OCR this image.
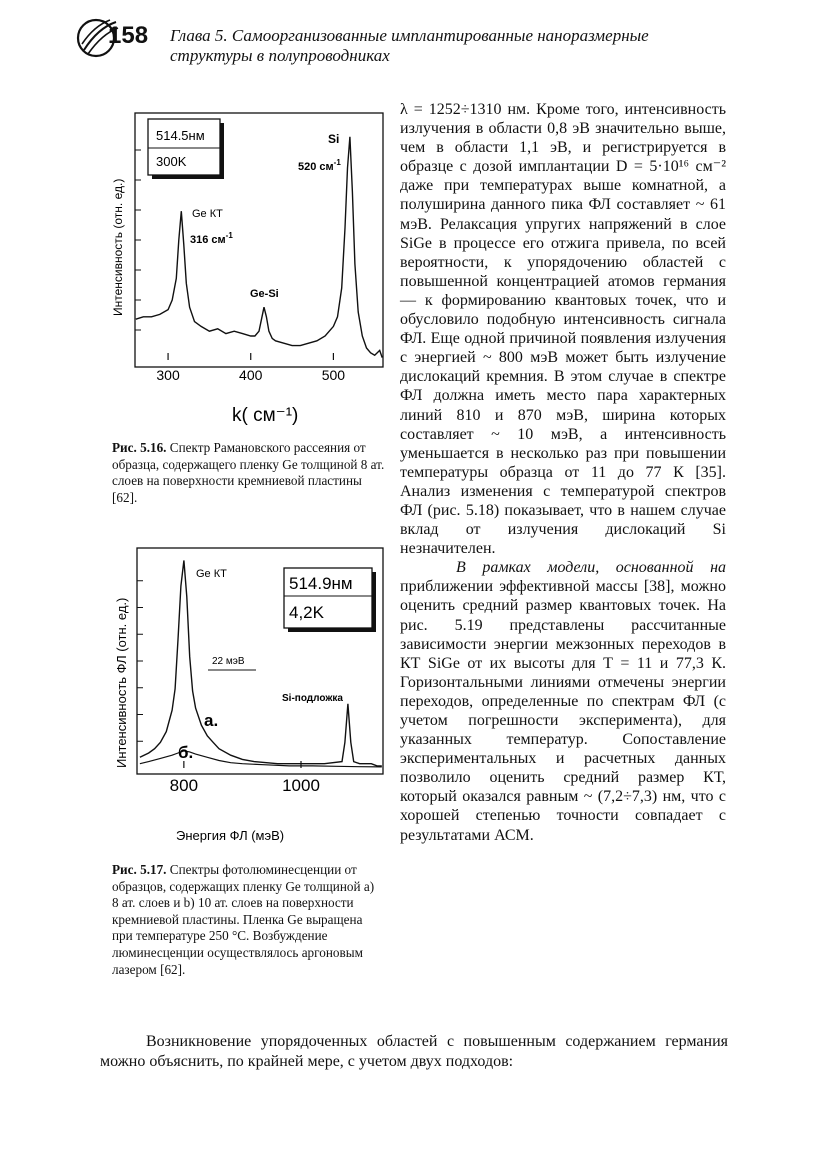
158 Глава 5. Самоорганизованные имплантированные наноразмерные структуры в полупроводниках
300	400	500
Интенсивность (отн. ед.)
k( см⁻¹)
514.5нм
300K
Si
520 $см^{-1}$
Ge КТ
316 $см^{-1}$
Ge-Si
Рис. 5.16. Спектр Рамановского рассеяния от образца, содержащего пленку Ge толщиной 8 ат. слоев на поверхности кремниевой пластины [62].
800	1000
Интенсивность ФЛ (отн. ед.)
Энергия ФЛ (мэВ)
514.9нм
4,2K
Ge КТ
22 мэВ
Si-подложка
a.
б.
Рис. 5.17. Спектры фотолюминесценции от образцов, содержащих пленку Ge толщиной a) 8 ат. слоев и b) 10 ат. слоев на поверхности кремниевой пластины. Пленка Ge выращена при температуре 250 °С. Возбуждение люминесценции осуществлялось аргоновым лазером [62].

λ = 1252÷1310 нм. Кроме того, интенсивность излучения в области 0,8 эВ значительно выше, чем в области 1,1 эВ, и регистрируется в образце с дозой имплантации D = 5·10¹⁶ см⁻² даже при температурах выше комнатной, а полуширина данного пика ФЛ составляет ~ 61 мэВ. Релаксация упругих напряжений в слое SiGe в процессе его отжига привела, по всей вероятности, к упорядочению областей с повышенной концентрацией атомов германия — к формированию квантовых точек, что и обусловило подобную интенсивность сигнала ФЛ. Еще одной причиной появления излучения с энергией ~ 800 мэВ может быть излучение дислокаций кремния. В этом случае в спектре ФЛ должна иметь место пара характерных линий 810 и 870 мэВ, ширина которых составляет ~ 10 мэВ, а интенсивность уменьшается в несколько раз при повышении температуры образца от 11 до 77 К [35]. Анализ изменения с температурой спектров ФЛ (рис. 5.18) показывает, что в нашем случае вклад от излучения дислокаций Si незначителен.

В рамках модели, основанной на приближении эффективной массы [38], можно оценить средний размер квантовых точек. На рис. 5.19 представлены рассчитанные зависимости энергии межзонных переходов в КТ SiGe от их высоты для Т = 11 и 77,3 К. Горизонтальными линиями отмечены энергии переходов, определенные по спектрам ФЛ (с учетом погрешности эксперимента), для указанных температур. Сопоставление экспериментальных и расчетных данных позволило оценить средний размер КТ, который оказался равным ~ (7,2÷7,3) нм, что с хорошей степенью точности совпадает с результатами АСМ.

Возникновение упорядоченных областей с повышенным содержанием германия можно объяснить, по крайней мере, с учетом двух подходов:
